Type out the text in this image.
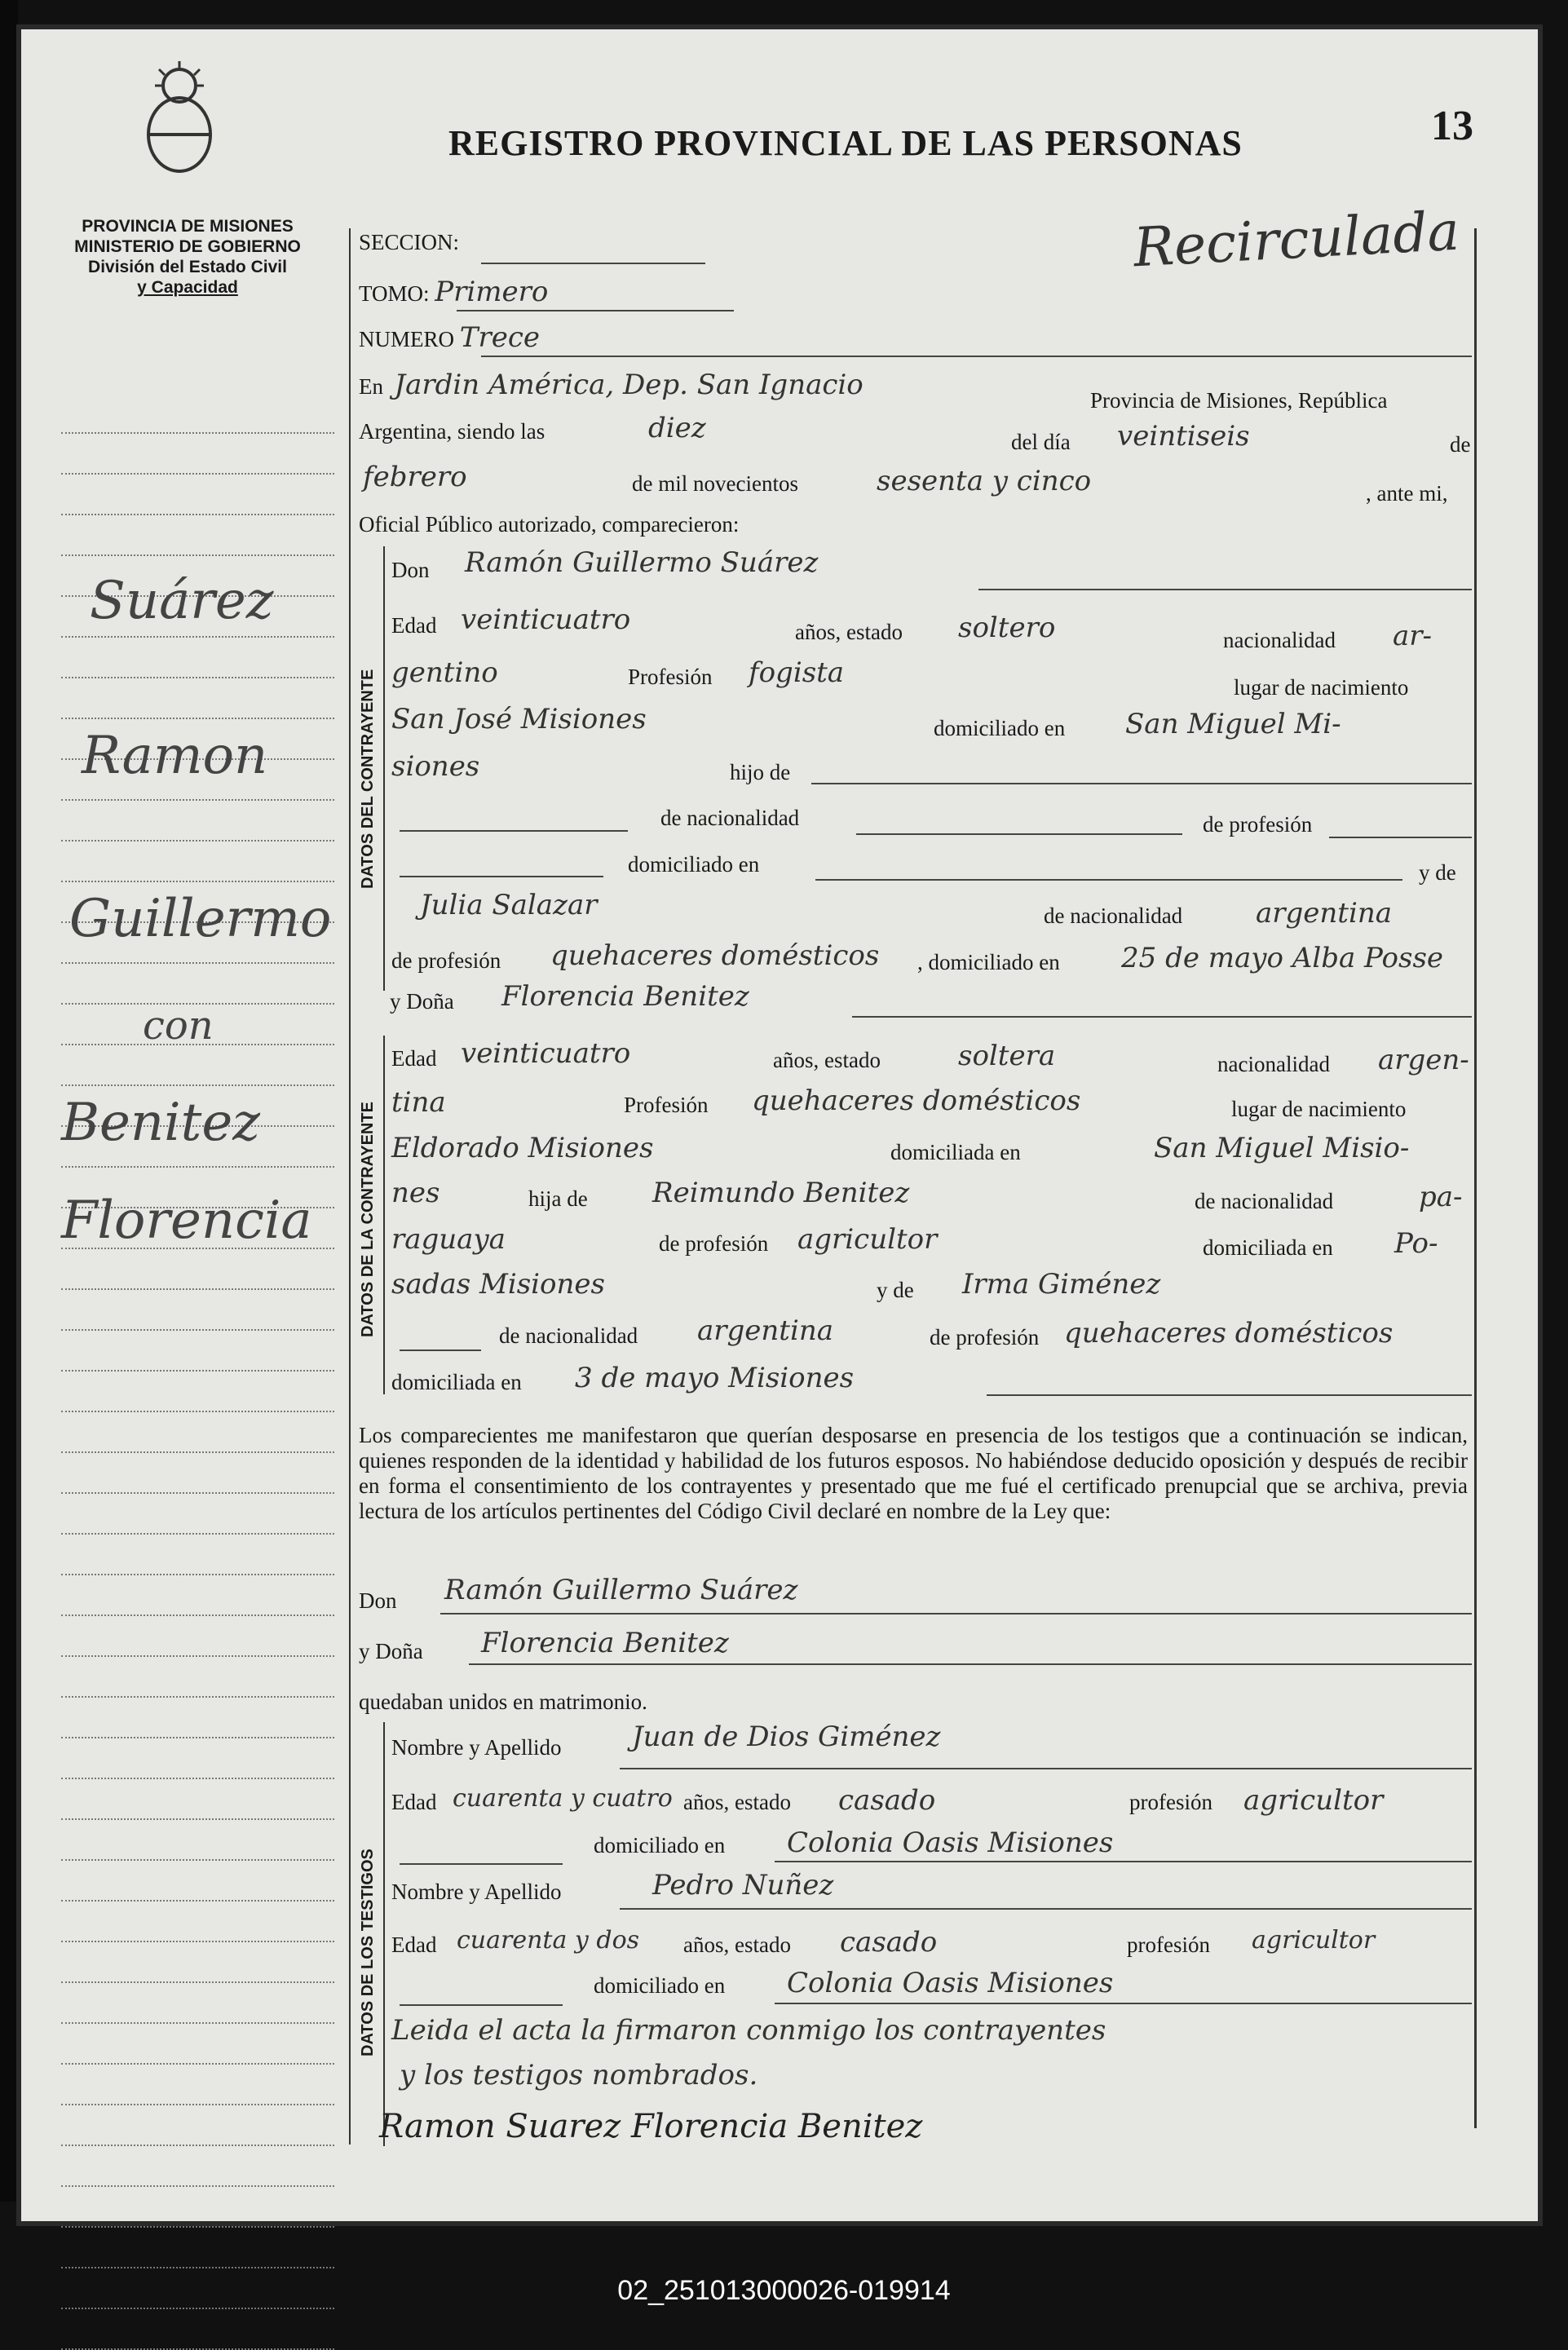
PROVINCIA DE MISIONES
MINISTERIO DE GOBIERNO
División del Estado Civil
y Capacidad
REGISTRO PROVINCIAL DE LAS PERSONAS	13
Recirculada
Suárez
Ramon
Guillermo
con
Benitez
Florencia
SECCION:
TOMO: Primero
NUMERO Trece
En Jardin América, Dep. San Ignacio	Provincia de Misiones, República
Argentina, siendo las	diez	del día veintiseis	de
febrero	de mil novecientos	sesenta y cinco	, ante mi,
Oficial Público autorizado, comparecieron:
DATOS DEL CONTRAYENTE
Don Ramón Guillermo Suárez
Edad veinticuatro	años, estado soltero	nacionalidad ar-
gentino	Profesión fogista	lugar de nacimiento
San José Misiones	domiciliado en San Miguel Mi-
siones	hijo de
de nacionalidad	de profesión
domiciliado en	y de
Julia Salazar	de nacionalidad	argentina
de profesión quehaceres domésticos , domiciliado en 25 de mayo Alba Posse
DATOS DE LA CONTRAYENTE
y Doña Florencia Benitez
Edad veinticuatro	años, estado	soltera	nacionalidad argen-
tina	Profesión quehaceres domésticos	lugar de nacimiento
Eldorado Misiones	domiciliada en	San Miguel Misio-
nes	hija de Reimundo Benitez	de nacionalidad	pa-
raguaya	de profesión agricultor	domiciliada en Po-
sadas Misiones	y de Irma Giménez
de nacionalidad argentina	de profesión quehaceres domésticos
domiciliada en 3 de mayo Misiones
Los comparecientes me manifestaron que querían desposarse en presencia de los testigos que a continuación se indican, quienes responden de la identidad y habilidad de los futuros esposos. No habiéndose deducido oposición y después de recibir en forma el consentimiento de los contrayentes y presentado que me fué el certificado prenupcial que se archiva, previa lectura de los artículos pertinentes del Código Civil declaré en nombre de la Ley que:
Don Ramón Guillermo Suárez
y Doña Florencia Benitez
quedaban unidos en matrimonio.
DATOS DE LOS TESTIGOS
Nombre y Apellido	Juan de Dios Giménez
Edad cuarenta y cuatro años, estado casado	profesión agricultor
domiciliado en Colonia Oasis Misiones
Nombre y Apellido	Pedro Nuñez
Edad cuarenta y dos años, estado casado	profesión agricultor
domiciliado en Colonia Oasis Misiones
Leida el acta la firmaron conmigo los contrayentes
y los testigos nombrados.
Ramon Suarez Florencia Benitez
02_251013000026-019914
